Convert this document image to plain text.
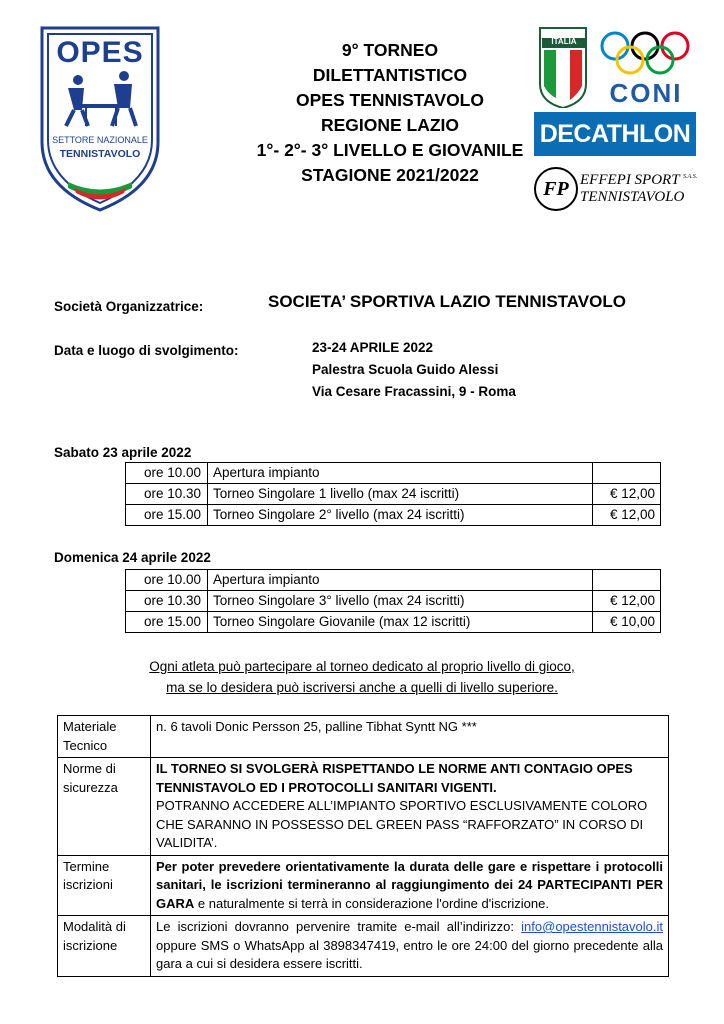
OPES
SETTORE NAZIONALE
TENNISTAVOLO
9° TORNEO
DILETTANTISTICO
OPES TENNISTAVOLO
REGIONE LAZIO
1°- 2°- 3° LIVELLO E GIOVANILE
STAGIONE 2021/2022
ITALIA
CONI
DECATHLON
FP EFFEPI SPORT $^{S.A.S.}$
TENNISTAVOLO
Società Organizzatrice:	SOCIETA’ SPORTIVA LAZIO TENNISTAVOLO
Data e luogo di svolgimento:	23-24 APRILE 2022
Palestra Scuola Guido Alessi
Via Cesare Fracassini, 9 - Roma
Sabato 23 aprile 2022
ore 10.00	Apertura impianto	
ore 10.30	Torneo Singolare 1 livello (max 24 iscritti)	€ 12,00
ore 15.00	Torneo Singolare 2° livello (max 24 iscritti)	€ 12,00
Domenica 24 aprile 2022
ore 10.00	Apertura impianto	
ore 10.30	Torneo Singolare 3° livello (max 24 iscritti)	€ 12,00
ore 15.00	Torneo Singolare Giovanile (max 12 iscritti)	€ 10,00
Ogni atleta può partecipare al torneo dedicato al proprio livello di gioco,
ma se lo desidera può iscriversi anche a quelli di livello superiore.
Materiale Tecnico	n. 6 tavoli Donic Persson 25, palline Tibhat Syntt NG ***
Norme di sicurezza	IL TORNEO SI SVOLGERÀ RISPETTANDO LE NORME ANTI CONTAGIO OPES TENNISTAVOLO ED I PROTOCOLLI SANITARI VIGENTI.
POTRANNO ACCEDERE ALL’IMPIANTO SPORTIVO ESCLUSIVAMENTE COLORO CHE SARANNO IN POSSESSO DEL GREEN PASS “RAFFORZATO” IN CORSO DI VALIDITA’.

Termine iscrizioni	Per poter prevedere orientativamente la durata delle gare e rispettare i protocolli sanitari, le iscrizioni termineranno al raggiungimento dei 24 PARTECIPANTI PER GARA e naturalmente si terrà in considerazione l'ordine d'iscrizione.
Modalità di iscrizione	Le iscrizioni dovranno pervenire tramite e-mail all’indirizzo: info@opestennistavolo.it oppure SMS o WhatsApp al 3898347419, entro le ore 24:00 del giorno precedente alla gara a cui si desidera essere iscritti.
